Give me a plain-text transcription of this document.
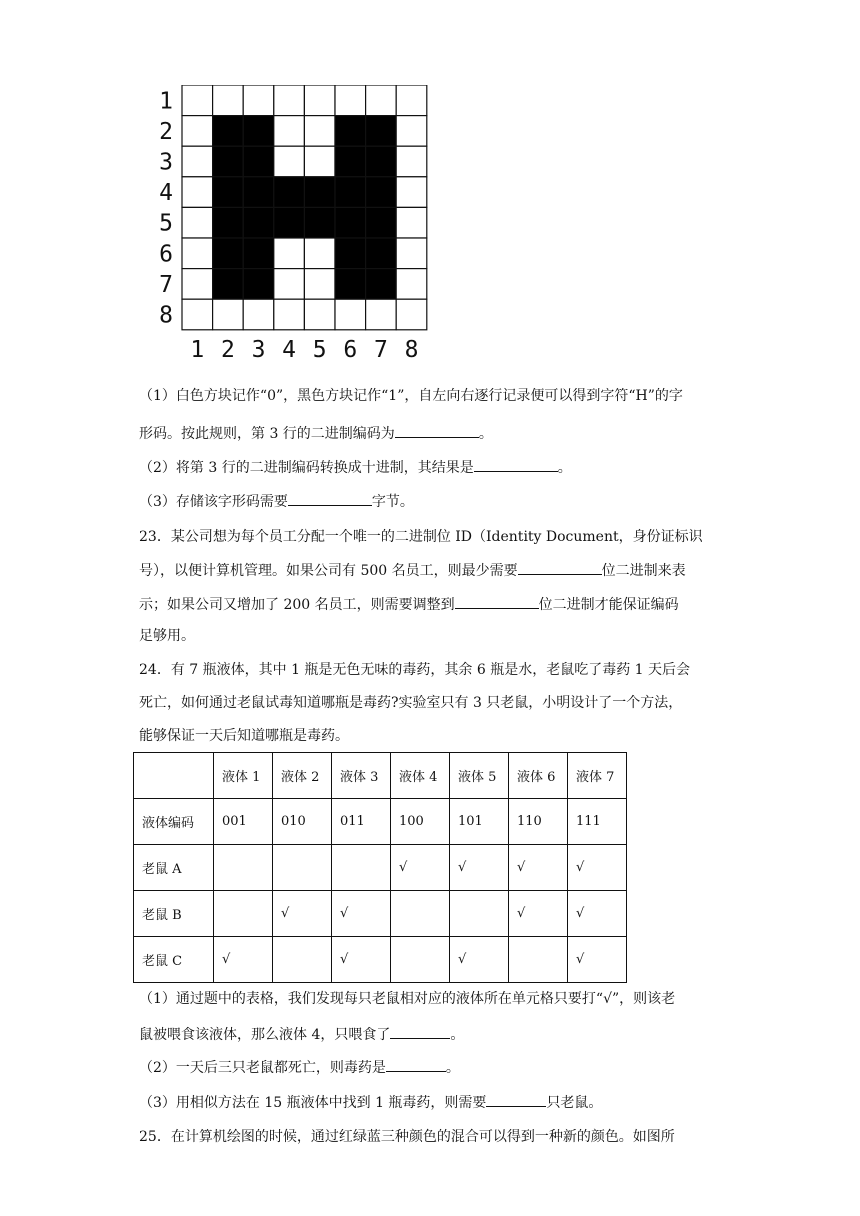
1
2
3
4
5
6
7
8
1 2 3 4 5 6 7 8
（1）白色方块记作“0”，黑色方块记作“1”，自左向右逐行记录便可以得到字符“H”的字
形码。按此规则，第 3 行的二进制编码为	。
（2）将第 3 行的二进制编码转换成十进制，其结果是	。
（3）存储该字形码需要	字节。
23．某公司想为每个员工分配一个唯一的二进制位 ID（Identity Document，身份证标识
号），以便计算机管理。如果公司有 500 名员工，则最少需要	位二进制来表
示；如果公司又增加了 200 名员工，则需要调整到	位二进制才能保证编码
足够用。
24．有 7 瓶液体，其中 1 瓶是无色无味的毒药，其余 6 瓶是水，老鼠吃了毒药 1 天后会
死亡，如何通过老鼠试毒知道哪瓶是毒药?实验室只有 3 只老鼠，小明设计了一个方法，
能够保证一天后知道哪瓶是毒药。
	液体 1	液体 2	液体 3	液体 4	液体 5	液体 6	液体 7
液体编码	001	010	011	100	101	110	111
老鼠 A				√	√	√	√
老鼠 B		√	√			√	√
老鼠 C	√		√		√		√
（1）通过题中的表格，我们发现每只老鼠相对应的液体所在单元格只要打“√”，则该老
鼠被喂食该液体，那么液体 4，只喂食了	。
（2）一天后三只老鼠都死亡，则毒药是	。
（3）用相似方法在 15 瓶液体中找到 1 瓶毒药，则需要	只老鼠。
25．在计算机绘图的时候，通过红绿蓝三种颜色的混合可以得到一种新的颜色。如图所
